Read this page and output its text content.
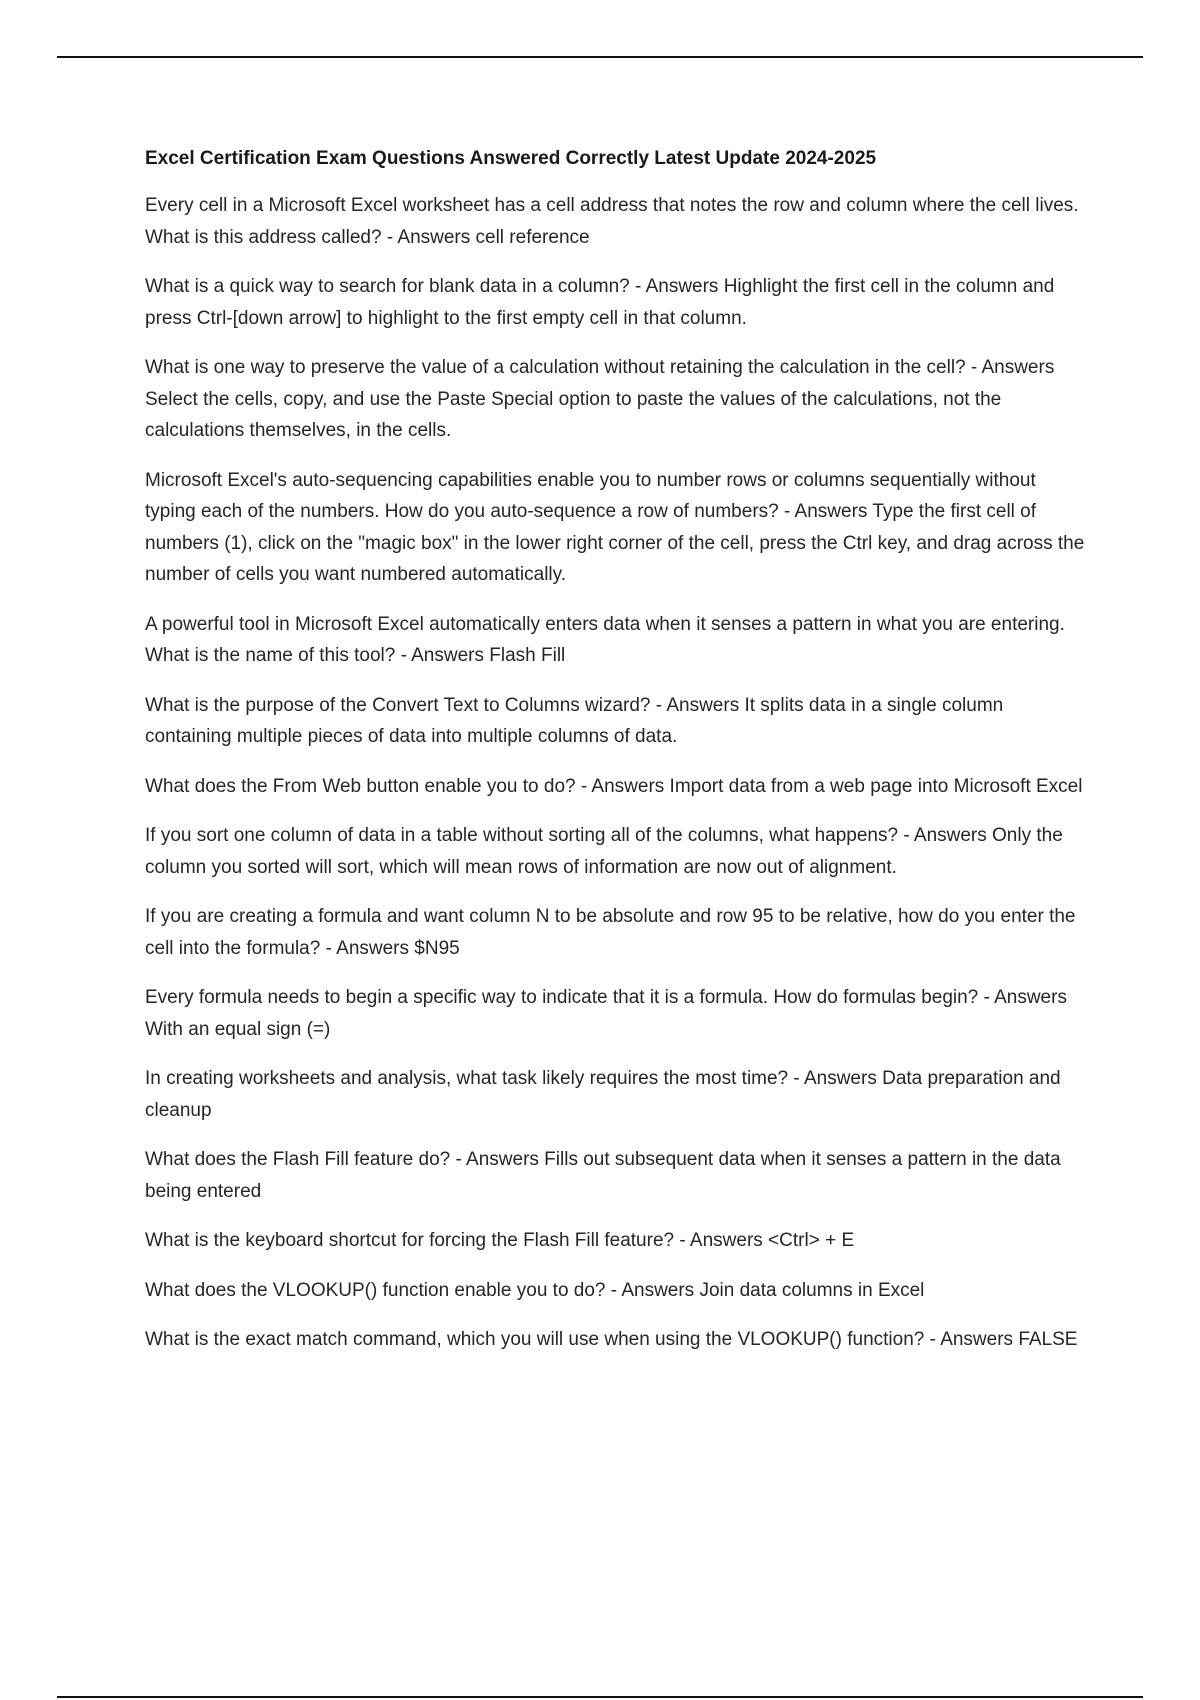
Excel Certification Exam Questions Answered Correctly Latest Update 2024-2025
Every cell in a Microsoft Excel worksheet has a cell address that notes the row and column where the cell lives. What is this address called? - Answers cell reference
What is a quick way to search for blank data in a column? - Answers Highlight the first cell in the column and press Ctrl-[down arrow] to highlight to the first empty cell in that column.
What is one way to preserve the value of a calculation without retaining the calculation in the cell? - Answers Select the cells, copy, and use the Paste Special option to paste the values of the calculations, not the calculations themselves, in the cells.
Microsoft Excel's auto-sequencing capabilities enable you to number rows or columns sequentially without typing each of the numbers. How do you auto-sequence a row of numbers? - Answers Type the first cell of numbers (1), click on the "magic box" in the lower right corner of the cell, press the Ctrl key, and drag across the number of cells you want numbered automatically.
A powerful tool in Microsoft Excel automatically enters data when it senses a pattern in what you are entering. What is the name of this tool? - Answers Flash Fill
What is the purpose of the Convert Text to Columns wizard? - Answers It splits data in a single column containing multiple pieces of data into multiple columns of data.
What does the From Web button enable you to do? - Answers Import data from a web page into Microsoft Excel
If you sort one column of data in a table without sorting all of the columns, what happens? - Answers Only the column you sorted will sort, which will mean rows of information are now out of alignment.
If you are creating a formula and want column N to be absolute and row 95 to be relative, how do you enter the cell into the formula? - Answers $N95
Every formula needs to begin a specific way to indicate that it is a formula. How do formulas begin? - Answers With an equal sign (=)
In creating worksheets and analysis, what task likely requires the most time? - Answers Data preparation and cleanup
What does the Flash Fill feature do? - Answers Fills out subsequent data when it senses a pattern in the data being entered
What is the keyboard shortcut for forcing the Flash Fill feature? - Answers <Ctrl> + E
What does the VLOOKUP() function enable you to do? - Answers Join data columns in Excel
What is the exact match command, which you will use when using the VLOOKUP() function? - Answers FALSE
